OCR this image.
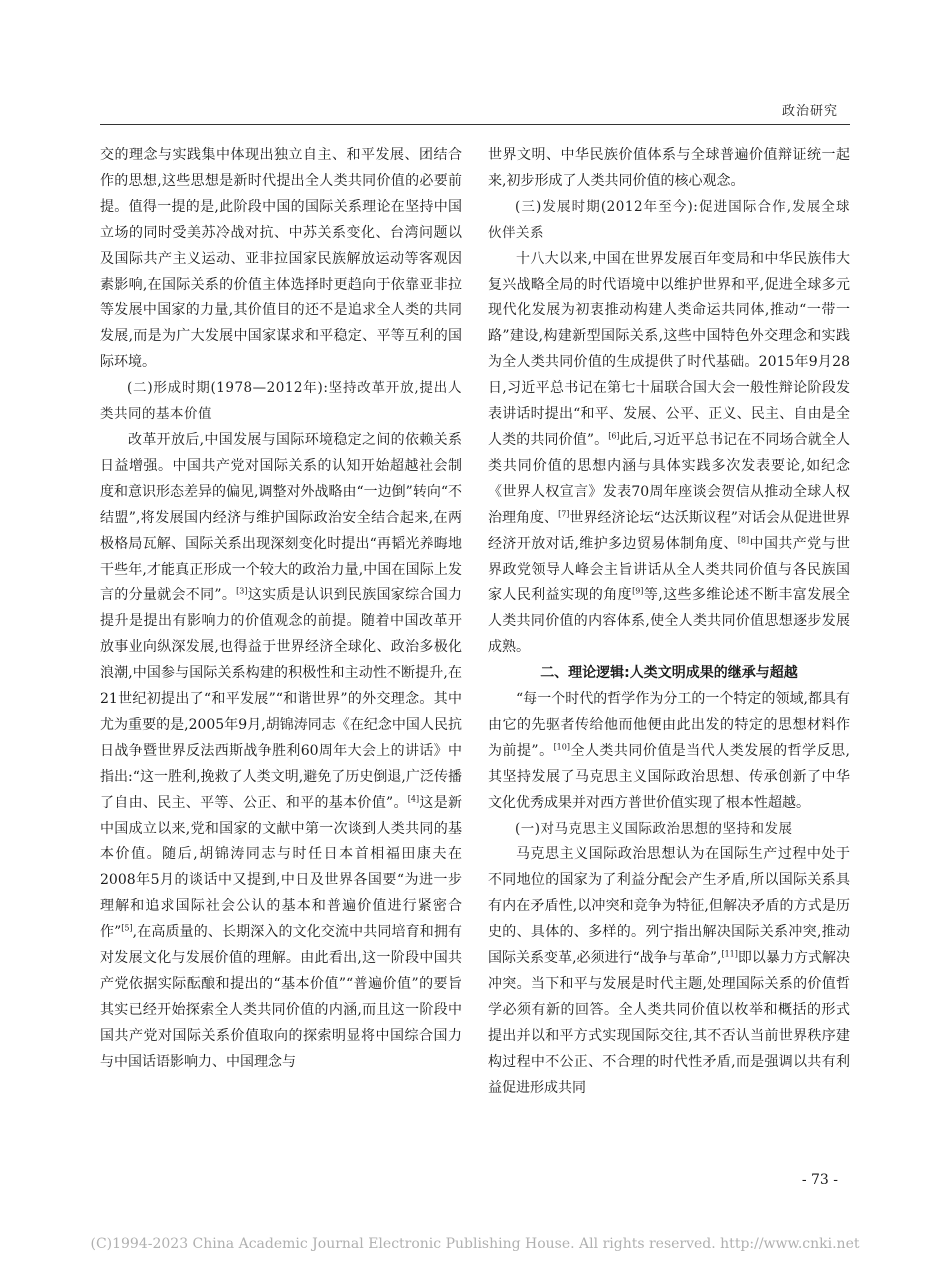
政治研究

交的理念与实践集中体现出独立自主、和平发展、团结合作的思想,这些思想是新时代提出全人类共同价值的必要前提。值得一提的是,此阶段中国的国际关系理论在坚持中国立场的同时受美苏冷战对抗、中苏关系变化、台湾问题以及国际共产主义运动、亚非拉国家民族解放运动等客观因素影响,在国际关系的价值主体选择时更趋向于依靠亚非拉等发展中国家的力量,其价值目的还不是追求全人类的共同发展,而是为广大发展中国家谋求和平稳定、平等互利的国际环境。

(二)形成时期(1978—2012年):坚持改革开放,提出人类共同的基本价值

改革开放后,中国发展与国际环境稳定之间的依赖关系日益增强。中国共产党对国际关系的认知开始超越社会制度和意识形态差异的偏见,调整对外战略由“一边倒”转向“不结盟”,将发展国内经济与维护国际政治安全结合起来,在两极格局瓦解、国际关系出现深刻变化时提出“再韬光养晦地干些年,才能真正形成一个较大的政治力量,中国在国际上发言的分量就会不同”。[3]这实质是认识到民族国家综合国力提升是提出有影响力的价值观念的前提。随着中国改革开放事业向纵深发展,也得益于世界经济全球化、政治多极化浪潮,中国参与国际关系构建的积极性和主动性不断提升,在21世纪初提出了“和平发展”“和谐世界”的外交理念。其中尤为重要的是,2005年9月,胡锦涛同志《在纪念中国人民抗日战争暨世界反法西斯战争胜利60周年大会上的讲话》中指出:“这一胜利,挽救了人类文明,避免了历史倒退,广泛传播了自由、民主、平等、公正、和平的基本价值”。[4]这是新中国成立以来,党和国家的文献中第一次谈到人类共同的基本价值。随后,胡锦涛同志与时任日本首相福田康夫在2008年5月的谈话中又提到,中日及世界各国要“为进一步理解和追求国际社会公认的基本和普遍价值进行紧密合作”[5],在高质量的、长期深入的文化交流中共同培育和拥有对发展文化与发展价值的理解。由此看出,这一阶段中国共产党依据实际酝酿和提出的“基本价值”“普遍价值”的要旨其实已经开始探索全人类共同价值的内涵,而且这一阶段中国共产党对国际关系价值取向的探索明显将中国综合国力与中国话语影响力、中国理念与

世界文明、中华民族价值体系与全球普遍价值辩证统一起来,初步形成了人类共同价值的核心观念。

(三)发展时期(2012年至今):促进国际合作,发展全球伙伴关系

十八大以来,中国在世界发展百年变局和中华民族伟大复兴战略全局的时代语境中以维护世界和平,促进全球多元现代化发展为初衷推动构建人类命运共同体,推动“一带一路”建设,构建新型国际关系,这些中国特色外交理念和实践为全人类共同价值的生成提供了时代基础。2015年9月28日,习近平总书记在第七十届联合国大会一般性辩论阶段发表讲话时提出“和平、发展、公平、正义、民主、自由是全人类的共同价值”。[6]此后,习近平总书记在不同场合就全人类共同价值的思想内涵与具体实践多次发表要论,如纪念《世界人权宣言》发表70周年座谈会贺信从推动全球人权治理角度、[7]世界经济论坛“达沃斯议程”对话会从促进世界经济开放对话,维护多边贸易体制角度、[8]中国共产党与世界政党领导人峰会主旨讲话从全人类共同价值与各民族国家人民利益实现的角度[9]等,这些多维论述不断丰富发展全人类共同价值的内容体系,使全人类共同价值思想逐步发展成熟。

二、理论逻辑:人类文明成果的继承与超越

“每一个时代的哲学作为分工的一个特定的领域,都具有由它的先驱者传给他而他便由此出发的特定的思想材料作为前提”。[10]全人类共同价值是当代人类发展的哲学反思,其坚持发展了马克思主义国际政治思想、传承创新了中华文化优秀成果并对西方普世价值实现了根本性超越。

(一)对马克思主义国际政治思想的坚持和发展

马克思主义国际政治思想认为在国际生产过程中处于不同地位的国家为了利益分配会产生矛盾,所以国际关系具有内在矛盾性,以冲突和竞争为特征,但解决矛盾的方式是历史的、具体的、多样的。列宁指出解决国际关系冲突,推动国际关系变革,必须进行“战争与革命”,[11]即以暴力方式解决冲突。当下和平与发展是时代主题,处理国际关系的价值哲学必须有新的回答。全人类共同价值以枚举和概括的形式提出并以和平方式实现国际交往,其不否认当前世界秩序建构过程中不公正、不合理的时代性矛盾,而是强调以共有利益促进形成共同

- 73 -
(C)1994-2023 China Academic Journal Electronic Publishing House. All rights reserved. http://www.cnki.net
